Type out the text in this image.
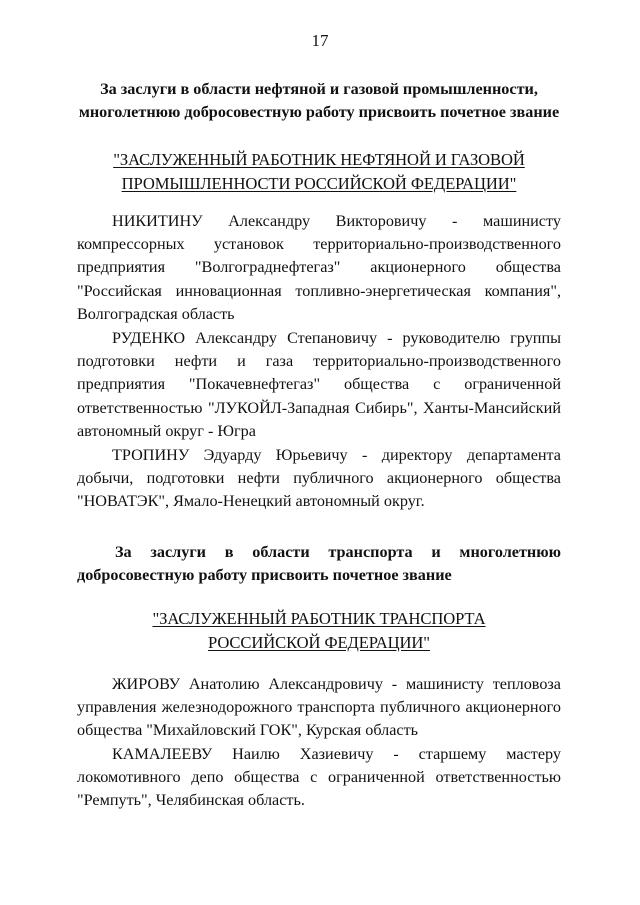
17
За заслуги в области нефтяной и газовой промышленности,
многолетнюю добросовестную работу присвоить почетное звание
"ЗАСЛУЖЕННЫЙ РАБОТНИК НЕФТЯНОЙ И ГАЗОВОЙ
ПРОМЫШЛЕННОСТИ РОССИЙСКОЙ ФЕДЕРАЦИИ"
НИКИТИНУ Александру Викторовичу - машинисту
компрессорных установок территориально-производственного
предприятия "Волгограднефтегаз" акционерного общества
"Российская инновационная топливно-энергетическая компания",
Волгоградская область
РУДЕНКО Александру Степановичу - руководителю группы
подготовки нефти и газа территориально-производственного
предприятия "Покачевнефтегаз" общества с ограниченной
ответственностью "ЛУКОЙЛ-Западная Сибирь", Ханты-Мансийский
автономный округ - Югра
ТРОПИНУ Эдуарду Юрьевичу - директору департамента
добычи, подготовки нефти публичного акционерного общества
"НОВАТЭК", Ямало-Ненецкий автономный округ.
За заслуги в области транспорта и многолетнюю
добросовестную работу присвоить почетное звание
"ЗАСЛУЖЕННЫЙ РАБОТНИК ТРАНСПОРТА
РОССИЙСКОЙ ФЕДЕРАЦИИ"
ЖИРОВУ Анатолию Александровичу - машинисту тепловоза
управления железнодорожного транспорта публичного акционерного
общества "Михайловский ГОК", Курская область
КАМАЛЕЕВУ Наилю Хазиевичу - старшему мастеру
локомотивного депо общества с ограниченной ответственностью
"Ремпуть", Челябинская область.
